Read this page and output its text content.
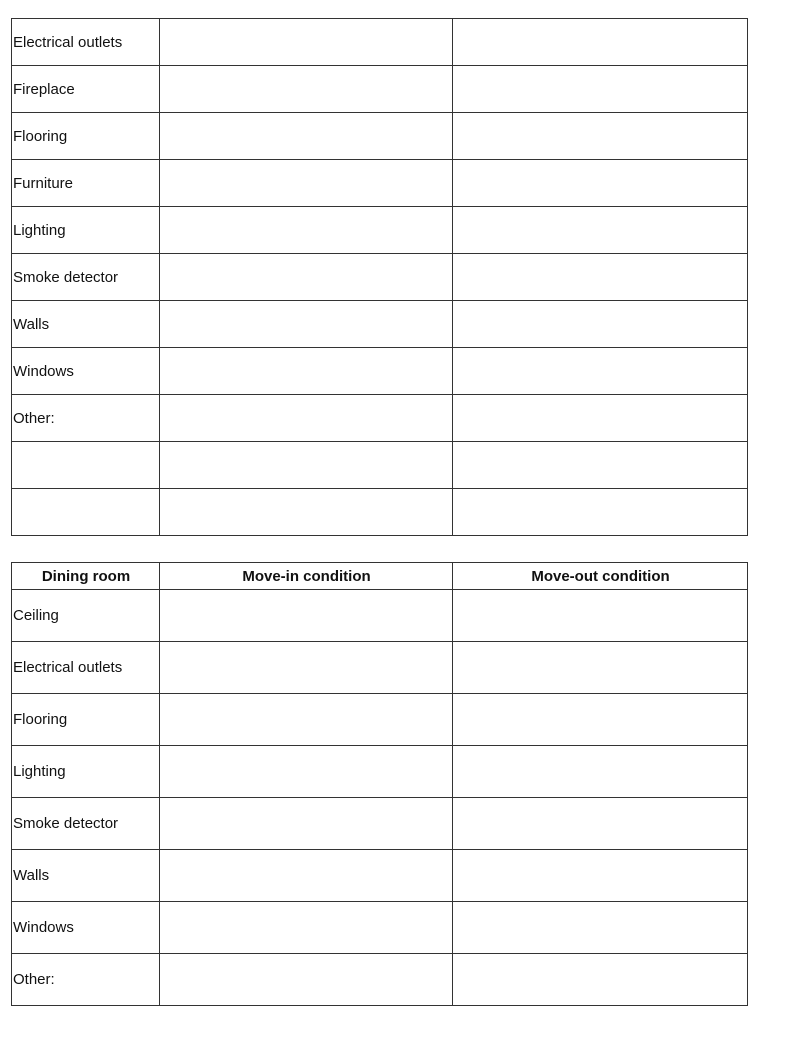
Electrical outlets		
Fireplace		
Flooring		
Furniture		
Lighting		
Smoke detector		
Walls		
Windows		
Other:		

Dining room	Move-in condition	Move-out condition
Ceiling		
Electrical outlets		
Flooring		
Lighting		
Smoke detector		
Walls		
Windows		
Other:		
